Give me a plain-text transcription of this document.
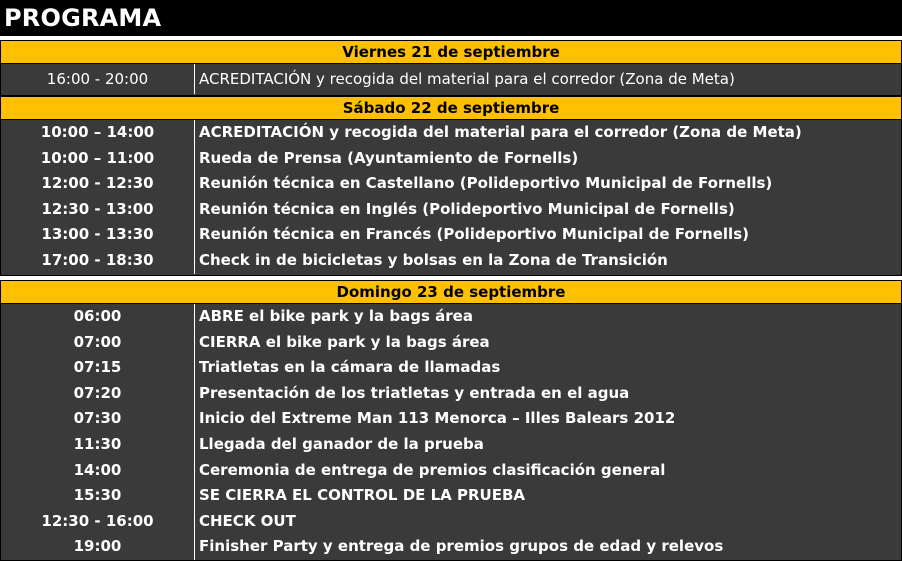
PROGRAMA
Viernes 21 de septiembre
16:00 - 20:00	ACREDITACIÓN y recogida del material para el corredor (Zona de Meta)
Sábado 22 de septiembre
10:00 – 14:00	ACREDITACIÓN y recogida del material para el corredor (Zona de Meta)
10:00 – 11:00	Rueda de Prensa (Ayuntamiento de Fornells)
12:00 - 12:30	Reunión técnica en Castellano (Polideportivo Municipal de Fornells)
12:30 - 13:00	Reunión técnica en Inglés (Polideportivo Municipal de Fornells)
13:00 - 13:30	Reunión técnica en Francés (Polideportivo Municipal de Fornells)
17:00 - 18:30	Check in de bicicletas y bolsas en la Zona de Transición
Domingo 23 de septiembre
06:00	ABRE el bike park y la bags área
07:00	CIERRA el bike park y la bags área
07:15	Triatletas en la cámara de llamadas
07:20	Presentación de los triatletas y entrada en el agua
07:30	Inicio del Extreme Man 113 Menorca – Illes Balears 2012
11:30	Llegada del ganador de la prueba
14:00	Ceremonia de entrega de premios clasificación general
15:30	SE CIERRA EL CONTROL DE LA PRUEBA
12:30 - 16:00	CHECK OUT
19:00	Finisher Party y entrega de premios grupos de edad y relevos
